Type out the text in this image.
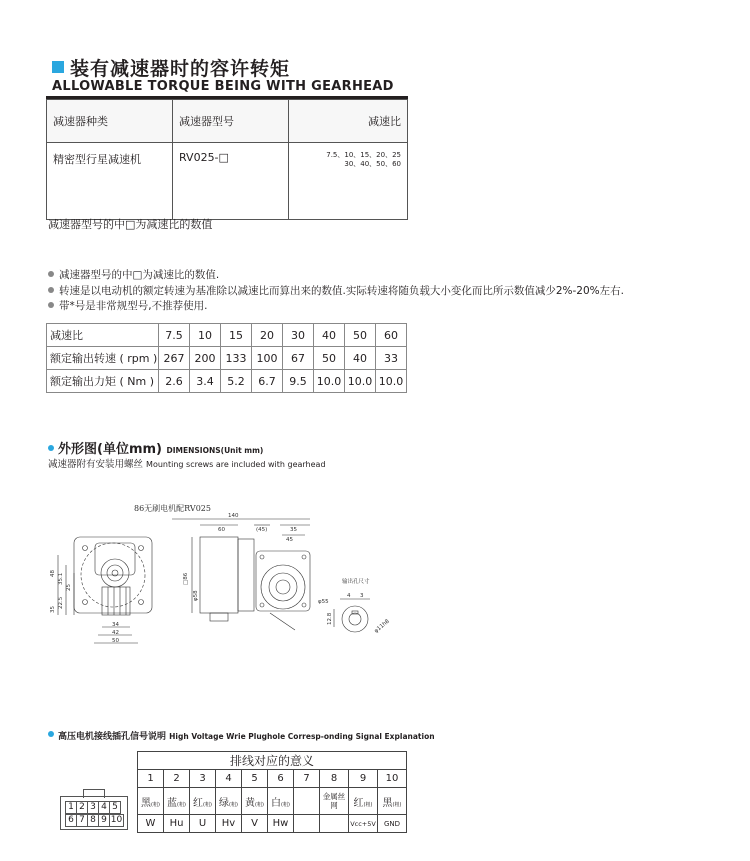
装有减速器时的容许转矩
ALLOWABLE TORQUE BEING WITH GEARHEAD
减速器种类	减速器型号	减速比
精密型行星减速机	RV025-□	7.5、10、15、20、25
30、40、50、60
减速器型号的中□为减速比的数值
减速器型号的中□为减速比的数值.
转速是以电动机的额定转速为基准除以减速比而算出来的数值.实际转速将随负载大小变化而比所示数值减少2%-20%左右.
带*号是非常规型号,不推荐使用.
减速比	7.5	10	15	20	30	40	50	60
额定输出转速 ( rpm )	267	200	133	100	67	50	40	33
额定输出力矩 ( Nm )	2.6	3.4	5.2	6.7	9.5	10.0	10.0	10.0
外形图(单位mm) DIMENSIONS(Unit mm)
减速器附有安装用螺丝 Mounting screws are included with gearhead
86无刷电机配RV025
48 35.1
25
22.5
35
34
42
50
140
60	(45)	35
45
□86
φ58
φ55
输出孔尺寸
4 3
12.8	φ11h8
高压电机接线插孔信号说明 High Voltage Wrie Plughole Corresp-onding Signal Explanation
1 2 3 4 5
6 7 8 9 10
排线对应的意义									
1	2	3	4	5	6	7	8	9	10
黑(粗)	蓝(粗)	红(粗)	绿(粗)	黄(粗)	白(粗)		金属丝网	红(粗)	黑(粗)
W	Hu	U	Hv	V	Hw			Vcc+5V	GND
